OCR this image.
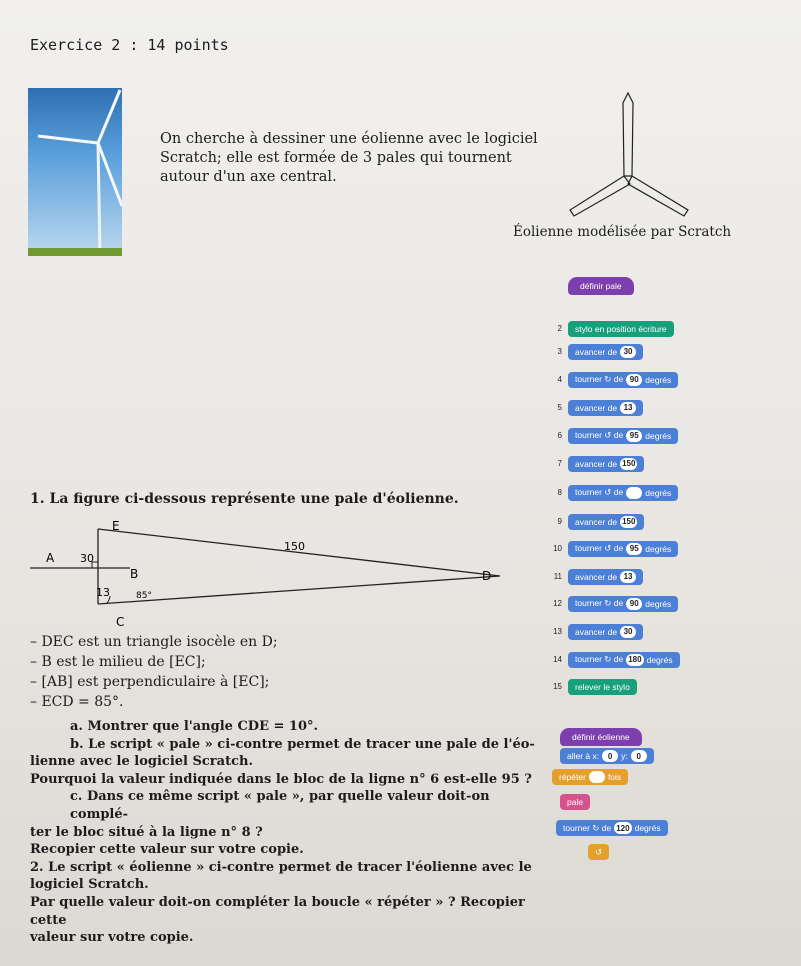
Exercice 2 : 14 points
On cherche à dessiner une éolienne avec le logiciel Scratch; elle est formée de 3 pales qui tournent autour d'un axe central.
Éolienne modélisée par Scratch
1. La figure ci-dessous représente une pale d'éolienne.
E
A
B
C
D
30
150
13	85°
– DEC est un triangle isocèle en D;
– B est le milieu de [EC];
– [AB] est perpendiculaire à [EC];
– ECD = 85°.

a. Montrer que l'angle CDE = 10°.

b. Le script « pale » ci-contre permet de tracer une pale de l'éo-

lienne avec le logiciel Scratch.

Pourquoi la valeur indiquée dans le bloc de la ligne n° 6 est-elle 95 ?

c. Dans ce même script « pale », par quelle valeur doit-on complé-

ter le bloc situé à la ligne n° 8 ?

Recopier cette valeur sur votre copie.

2. Le script « éolienne » ci-contre permet de tracer l'éolienne avec le

logiciel Scratch.

Par quelle valeur doit-on compléter la boucle « répéter » ? Recopier cette

valeur sur votre copie.

définir pale
2 stylo en position écriture
3 avancer de 30
4 tourner ↻ de 90 degrés
5 avancer de 13
6 tourner ↺ de 95 degrés
7 avancer de 150
8 tourner ↺ de	degrés
9 avancer de 150
10 tourner ↺ de 95 degrés
11 avancer de 13
12 tourner ↻ de 90 degrés
13 avancer de 30
14 tourner ↻ de 180 degrés
15 relever le stylo
définir éolienne
aller à x:	0	y:	0
répéter	fois
pale
tourner ↻ de 120 degrés
↺
